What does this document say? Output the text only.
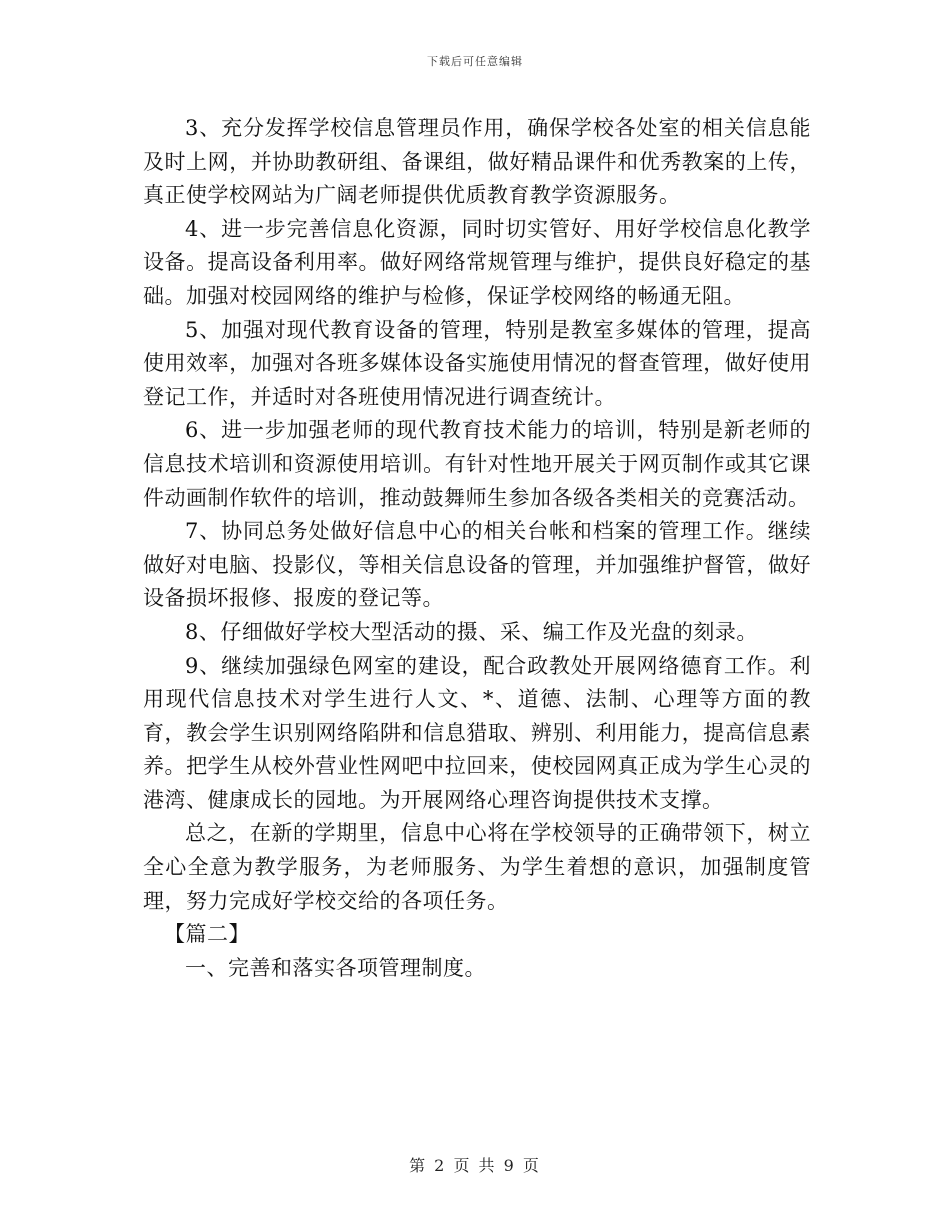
下载后可任意编辑

3、充分发挥学校信息管理员作用，确保学校各处室的相关信息能及时上网，并协助教研组、备课组，做好精品课件和优秀教案的上传，真正使学校网站为广阔老师提供优质教育教学资源服务。

4、进一步完善信息化资源，同时切实管好、用好学校信息化教学设备。提高设备利用率。做好网络常规管理与维护，提供良好稳定的基础。加强对校园网络的维护与检修，保证学校网络的畅通无阻。

5、加强对现代教育设备的管理，特别是教室多媒体的管理，提高使用效率，加强对各班多媒体设备实施使用情况的督查管理，做好使用登记工作，并适时对各班使用情况进行调查统计。

6、进一步加强老师的现代教育技术能力的培训，特别是新老师的信息技术培训和资源使用培训。有针对性地开展关于网页制作或其它课件动画制作软件的培训，推动鼓舞师生参加各级各类相关的竞赛活动。

7、协同总务处做好信息中心的相关台帐和档案的管理工作。继续做好对电脑、投影仪，等相关信息设备的管理，并加强维护督管，做好设备损坏报修、报废的登记等。

8、仔细做好学校大型活动的摄、采、编工作及光盘的刻录。

9、继续加强绿色网室的建设，配合政教处开展网络德育工作。利用现代信息技术对学生进行人文、*、道德、法制、心理等方面的教育，教会学生识别网络陷阱和信息猎取、辨别、利用能力，提高信息素养。把学生从校外营业性网吧中拉回来，使校园网真正成为学生心灵的港湾、健康成长的园地。为开展网络心理咨询提供技术支撑。

总之，在新的学期里，信息中心将在学校领导的正确带领下，树立全心全意为教学服务，为老师服务、为学生着想的意识，加强制度管理，努力完成好学校交给的各项任务。

【篇二】

一、完善和落实各项管理制度。

第 2 页 共 9 页
